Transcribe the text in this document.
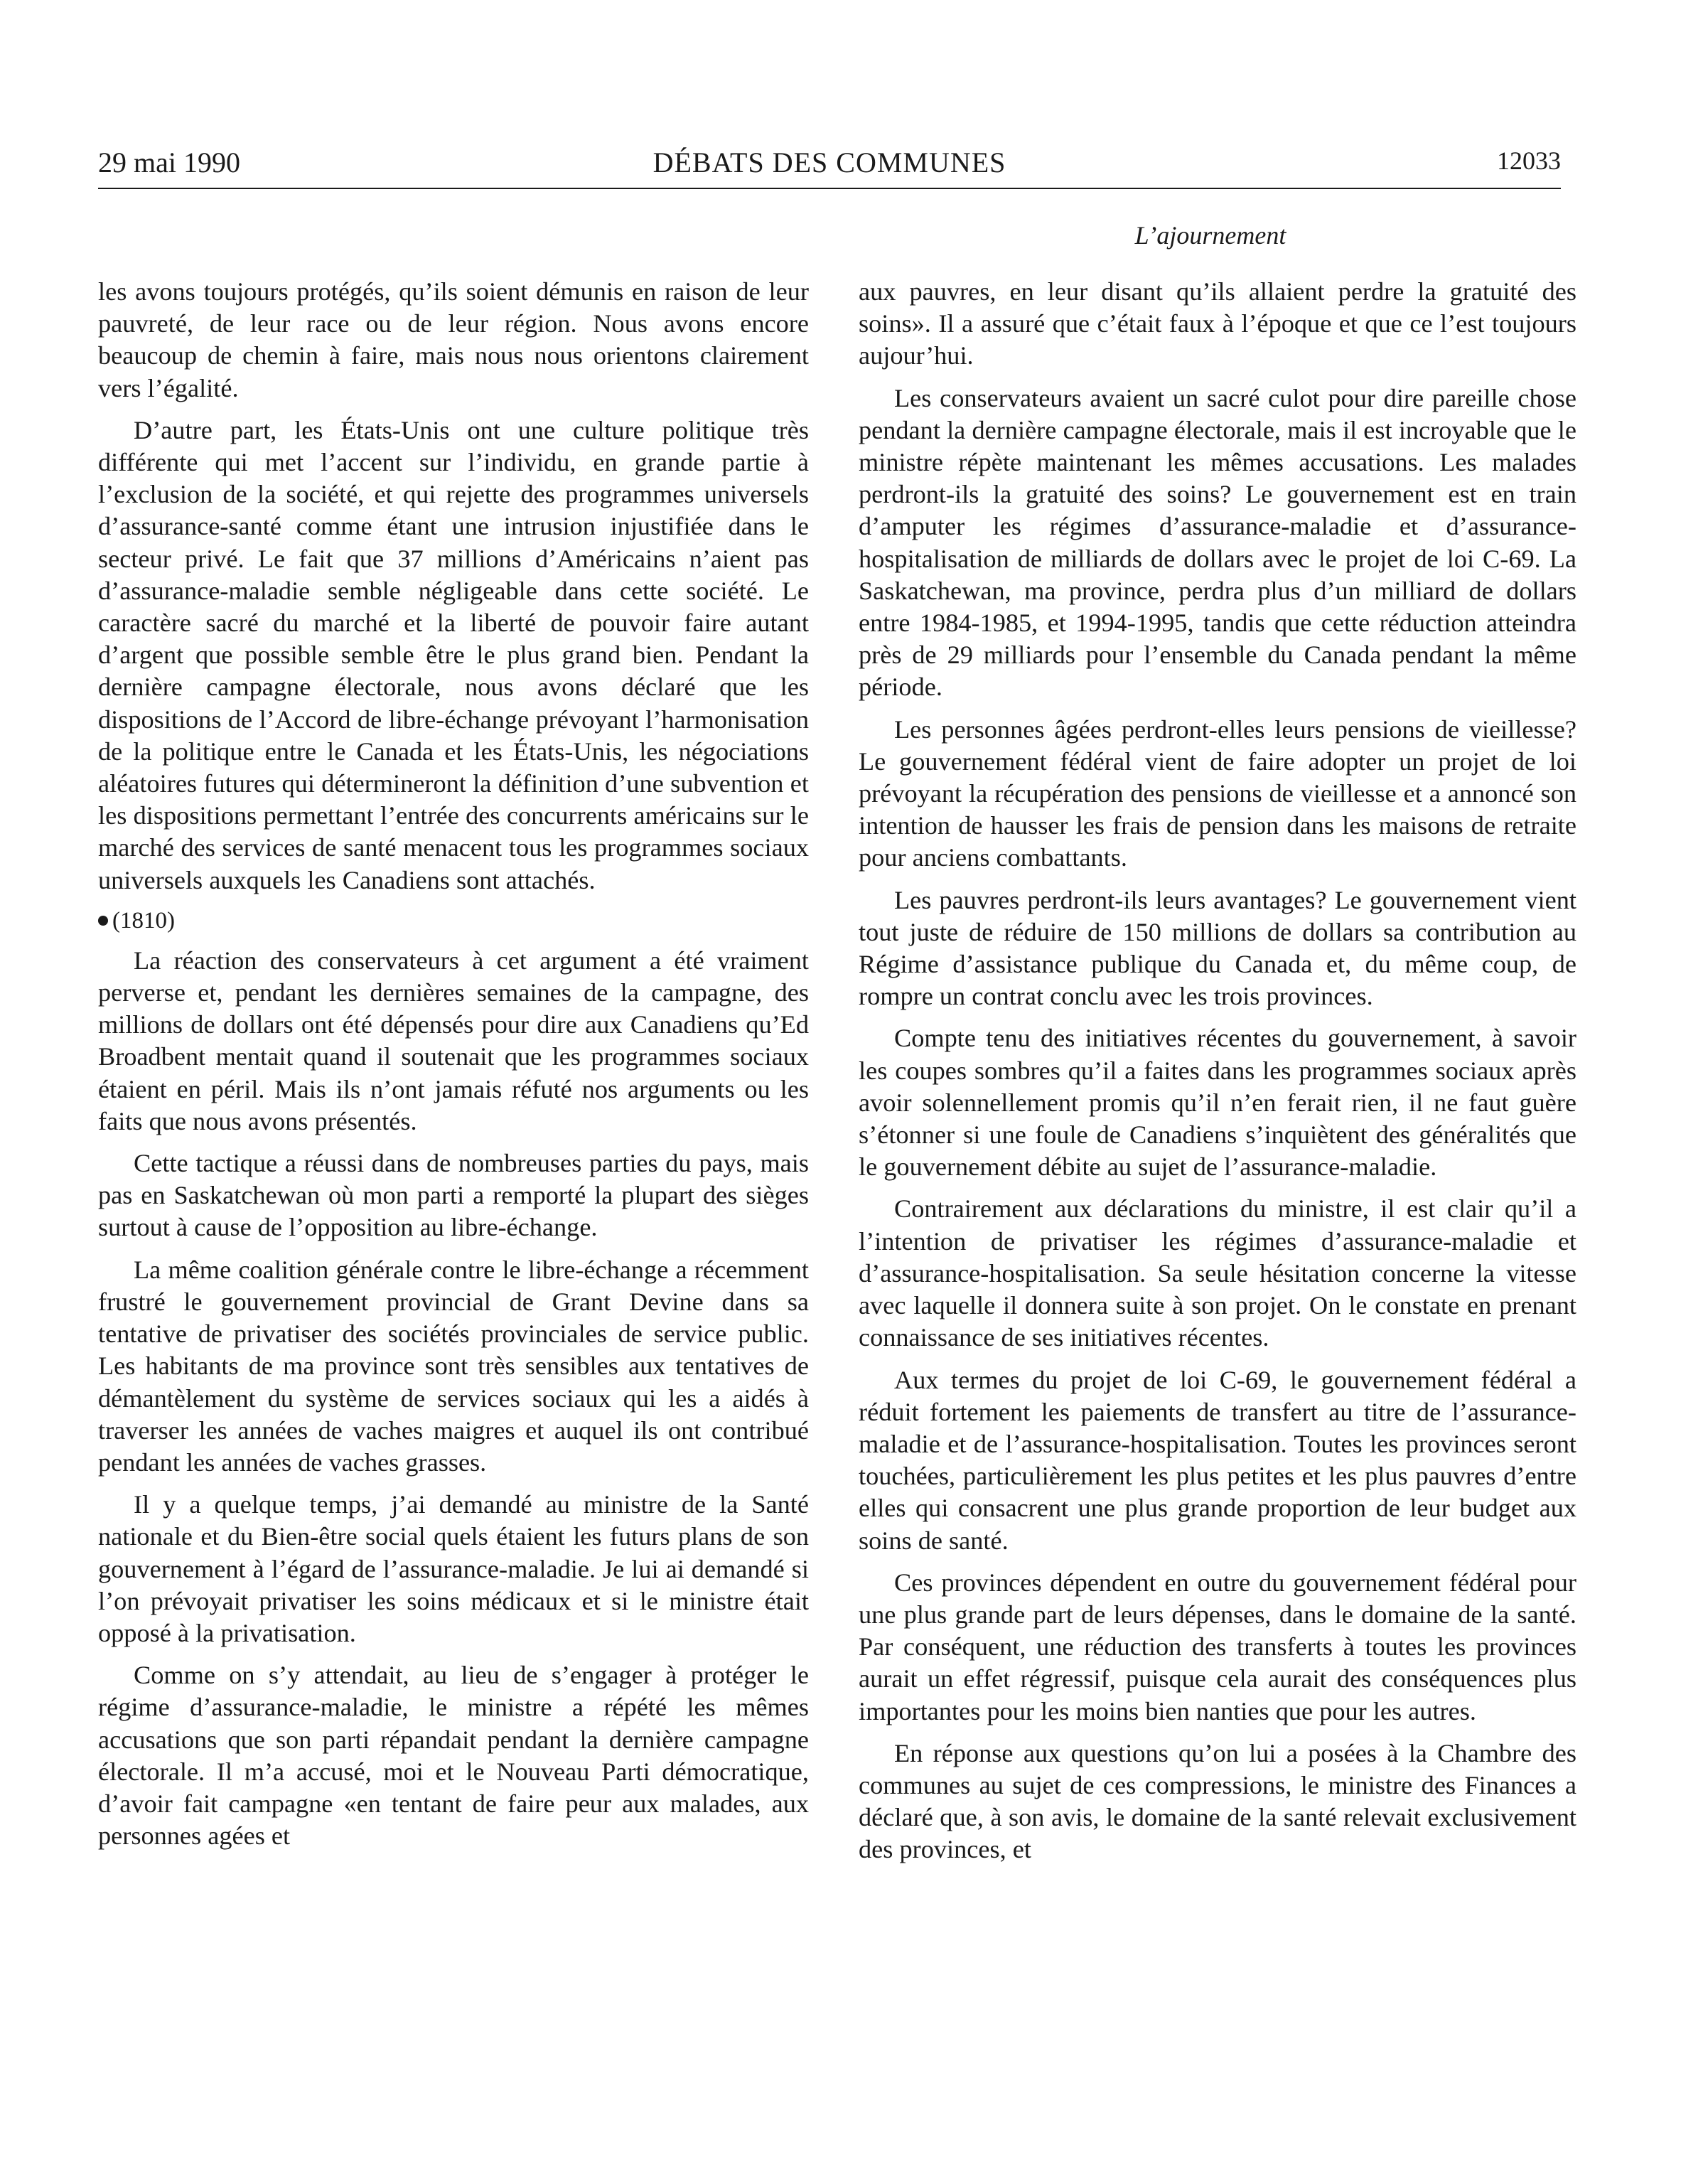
29 mai 1990	DÉBATS DES COMMUNES	12033
L’ajournement

les avons toujours protégés, qu’ils soient démunis en raison de leur pauvreté, de leur race ou de leur région. Nous avons encore beaucoup de chemin à faire, mais nous nous orientons clairement vers l’égalité.

D’autre part, les États-Unis ont une culture politique très différente qui met l’accent sur l’individu, en grande partie à l’exclusion de la société, et qui rejette des programmes universels d’assurance-santé comme étant une intrusion injustifiée dans le secteur privé. Le fait que 37 millions d’Américains n’aient pas d’assurance-maladie semble négligeable dans cette société. Le caractère sacré du marché et la liberté de pouvoir faire autant d’argent que possible semble être le plus grand bien. Pendant la dernière campagne électorale, nous avons déclaré que les dispositions de l’Accord de libre-échange prévoyant l’harmonisation de la politique entre le Canada et les États-Unis, les négociations aléatoires futures qui détermineront la définition d’une subvention et les dispositions permettant l’entrée des concurrents américains sur le marché des services de santé menacent tous les programmes sociaux universels auxquels les Canadiens sont attachés.

(1810)

La réaction des conservateurs à cet argument a été vraiment perverse et, pendant les dernières semaines de la campagne, des millions de dollars ont été dépensés pour dire aux Canadiens qu’Ed Broadbent mentait quand il soutenait que les programmes sociaux étaient en péril. Mais ils n’ont jamais réfuté nos arguments ou les faits que nous avons présentés.

Cette tactique a réussi dans de nombreuses parties du pays, mais pas en Saskatchewan où mon parti a remporté la plupart des sièges surtout à cause de l’opposition au libre-échange.

La même coalition générale contre le libre-échange a récemment frustré le gouvernement provincial de Grant Devine dans sa tentative de privatiser des sociétés provinciales de service public. Les habitants de ma province sont très sensibles aux tentatives de démantèlement du système de services sociaux qui les a aidés à traverser les années de vaches maigres et auquel ils ont contribué pendant les années de vaches grasses.

Il y a quelque temps, j’ai demandé au ministre de la Santé nationale et du Bien-être social quels étaient les futurs plans de son gouvernement à l’égard de l’assurance-maladie. Je lui ai demandé si l’on prévoyait privatiser les soins médicaux et si le ministre était opposé à la privatisation.

Comme on s’y attendait, au lieu de s’engager à protéger le régime d’assurance-maladie, le ministre a répété les mêmes accusations que son parti répandait pendant la dernière campagne électorale. Il m’a accusé, moi et le Nouveau Parti démocratique, d’avoir fait campagne «en tentant de faire peur aux malades, aux personnes agées et

aux pauvres, en leur disant qu’ils allaient perdre la gratuité des soins». Il a assuré que c’était faux à l’époque et que ce l’est toujours aujour’hui.

Les conservateurs avaient un sacré culot pour dire pareille chose pendant la dernière campagne électorale, mais il est incroyable que le ministre répète maintenant les mêmes accusations. Les malades perdront-ils la gratuité des soins? Le gouvernement est en train d’amputer les régimes d’assurance-maladie et d’assurance-hospitalisation de milliards de dollars avec le projet de loi C-69. La Saskatchewan, ma province, perdra plus d’un milliard de dollars entre 1984-1985, et 1994-1995, tandis que cette réduction atteindra près de 29 milliards pour l’ensemble du Canada pendant la même période.

Les personnes âgées perdront-elles leurs pensions de vieillesse? Le gouvernement fédéral vient de faire adopter un projet de loi prévoyant la récupération des pensions de vieillesse et a annoncé son intention de hausser les frais de pension dans les maisons de retraite pour anciens combattants.

Les pauvres perdront-ils leurs avantages? Le gouvernement vient tout juste de réduire de 150 millions de dollars sa contribution au Régime d’assistance publique du Canada et, du même coup, de rompre un contrat conclu avec les trois provinces.

Compte tenu des initiatives récentes du gouvernement, à savoir les coupes sombres qu’il a faites dans les programmes sociaux après avoir solennellement promis qu’il n’en ferait rien, il ne faut guère s’étonner si une foule de Canadiens s’inquiètent des généralités que le gouvernement débite au sujet de l’assurance-maladie.

Contrairement aux déclarations du ministre, il est clair qu’il a l’intention de privatiser les régimes d’assurance-maladie et d’assurance-hospitalisation. Sa seule hésitation concerne la vitesse avec laquelle il donnera suite à son projet. On le constate en prenant connaissance de ses initiatives récentes.

Aux termes du projet de loi C-69, le gouvernement fédéral a réduit fortement les paiements de transfert au titre de l’assurance-maladie et de l’assurance-hospitalisation. Toutes les provinces seront touchées, particulièrement les plus petites et les plus pauvres d’entre elles qui consacrent une plus grande proportion de leur budget aux soins de santé.

Ces provinces dépendent en outre du gouvernement fédéral pour une plus grande part de leurs dépenses, dans le domaine de la santé. Par conséquent, une réduction des transferts à toutes les provinces aurait un effet régressif, puisque cela aurait des conséquences plus importantes pour les moins bien nanties que pour les autres.

En réponse aux questions qu’on lui a posées à la Chambre des communes au sujet de ces compressions, le ministre des Finances a déclaré que, à son avis, le domaine de la santé relevait exclusivement des provinces, et
